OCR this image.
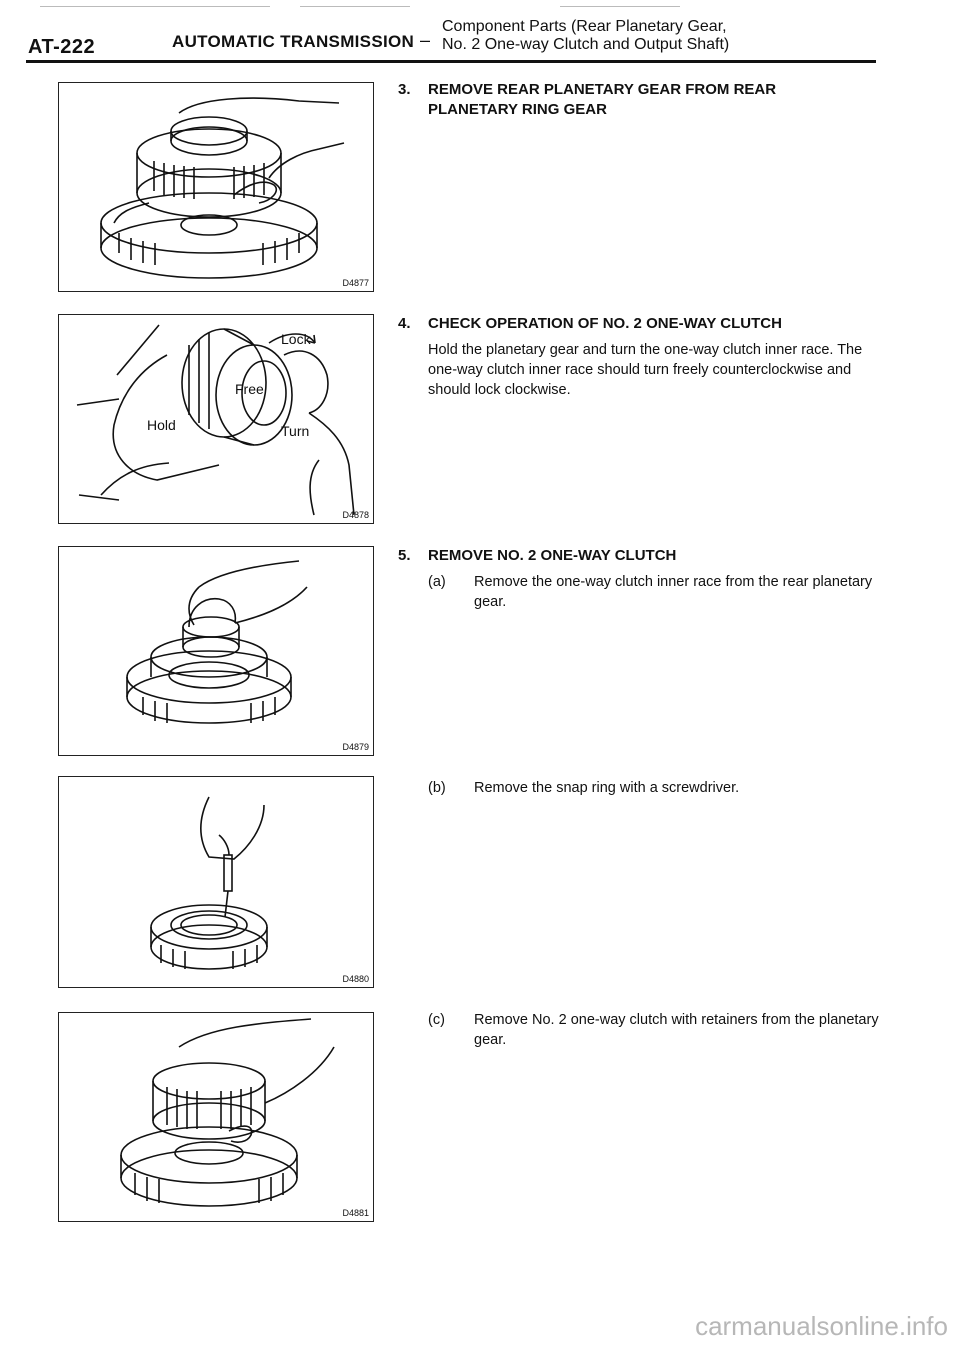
AT-222	AUTOMATIC TRANSMISSION –
Component Parts (Rear Planetary Gear,
No. 2 One-way Clutch and Output Shaft)
D4877
Lock
Free
Hold	Turn
D4878
D4879
D4880
D4881
3.	REMOVE REAR PLANETARY GEAR FROM REAR PLANETARY RING GEAR
4.	CHECK OPERATION OF NO. 2 ONE-WAY CLUTCH
Hold the planetary gear and turn the one-way clutch inner race. The one-way clutch inner race should turn freely counterclockwise and should lock clockwise.
5.	REMOVE NO. 2 ONE-WAY CLUTCH
(a)	Remove the one-way clutch inner race from the rear planetary gear.
(b)	Remove the snap ring with a screwdriver.
(c)	Remove No. 2 one-way clutch with retainers from the planetary gear.
carmanualsonline.info
